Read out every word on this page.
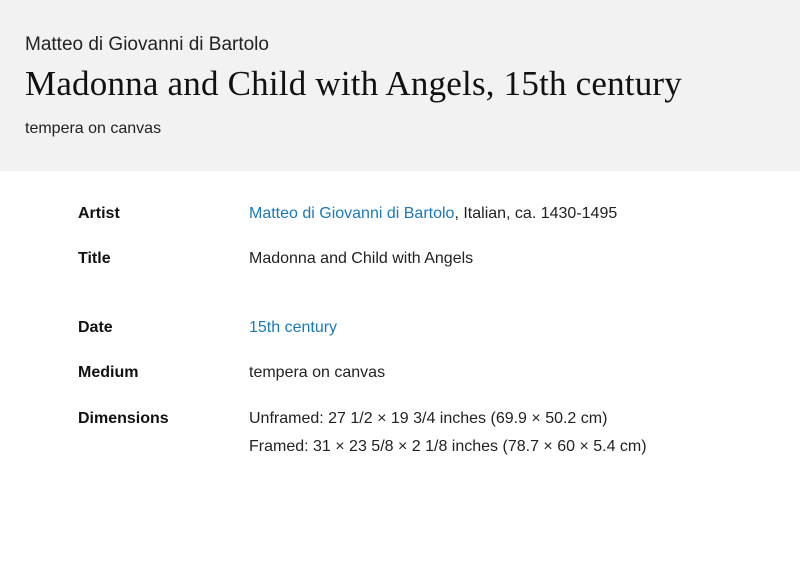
Matteo di Giovanni di Bartolo

Madonna and Child with Angels, 15th century

tempera on canvas

Artist	Matteo di Giovanni di Bartolo, Italian, ca. 1430-1495
Title	Madonna and Child with Angels
Date	15th century
Medium	tempera on canvas
Dimensions	Unframed: 27 1/2 × 19 3/4 inches (69.9 × 50.2 cm)
Framed: 31 × 23 5/8 × 2 1/8 inches (78.7 × 60 × 5.4 cm)
